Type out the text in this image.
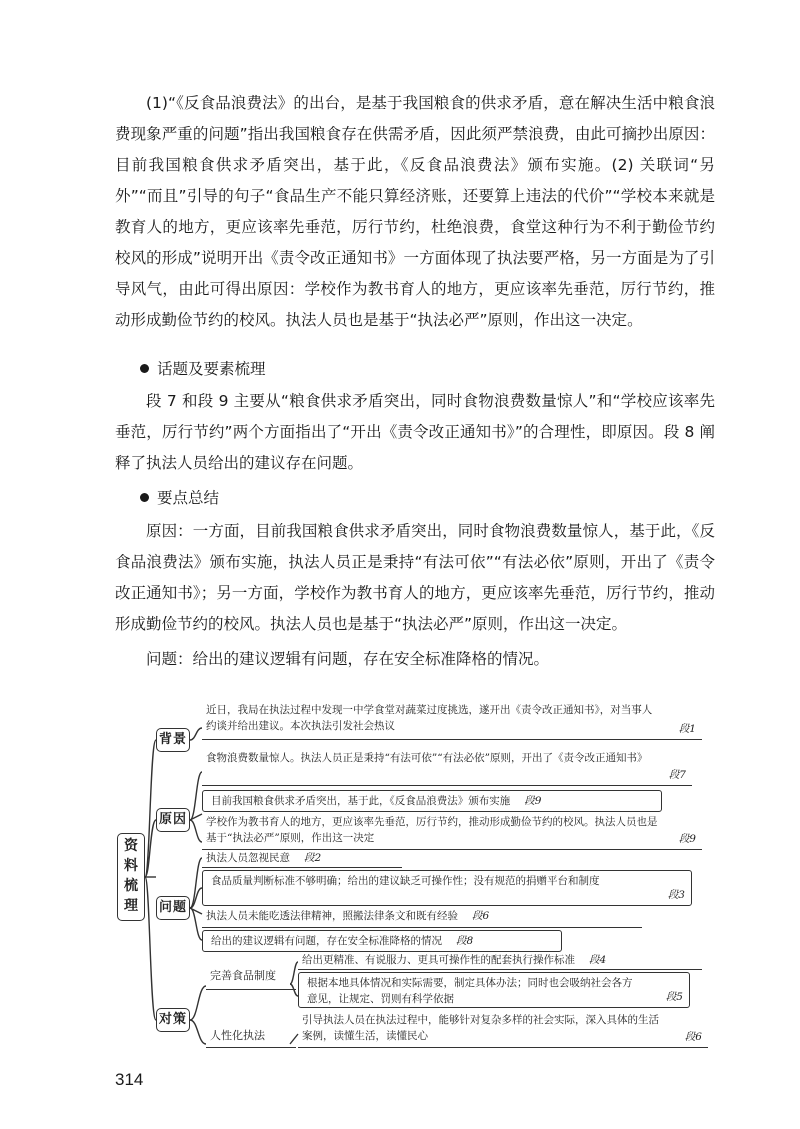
(1)“《反食品浪费法》的出台，是基于我国粮食的供求矛盾，意在解决生活中粮食浪费现象严重的问题”指出我国粮食存在供需矛盾，因此须严禁浪费，由此可摘抄出原因：目前我国粮食供求矛盾突出，基于此，《反食品浪费法》颁布实施。(2) 关联词“另外”“而且”引导的句子“食品生产不能只算经济账，还要算上违法的代价”“学校本来就是教育人的地方，更应该率先垂范，厉行节约，杜绝浪费，食堂这种行为不利于勤俭节约校风的形成”说明开出《责令改正通知书》一方面体现了执法要严格，另一方面是为了引导风气，由此可得出原因：学校作为教书育人的地方，更应该率先垂范，厉行节约，推动形成勤俭节约的校风。执法人员也是基于“执法必严”原则，作出这一决定。

话题及要素梳理

段 7 和段 9 主要从“粮食供求矛盾突出，同时食物浪费数量惊人”和“学校应该率先垂范，厉行节约”两个方面指出了“开出《责令改正通知书》”的合理性，即原因。段 8 阐释了执法人员给出的建议存在问题。

要点总结

原因：一方面，目前我国粮食供求矛盾突出，同时食物浪费数量惊人，基于此，《反食品浪费法》颁布实施，执法人员正是秉持“有法可依”“有法必依”原则，开出了《责令改正通知书》；另一方面，学校作为教书育人的地方，更应该率先垂范，厉行节约，推动形成勤俭节约的校风。执法人员也是基于“执法必严”原则，作出这一决定。

问题：给出的建议逻辑有问题，存在安全标准降格的情况。

资
料
梳
理
背景
原因
问题
对策
近日，我局在执法过程中发现一中学食堂对蔬菜过度挑选，遂开出《责令改正通知书》，对当事人约谈并给出建议。本次执法引发社会热议	段1
食物浪费数量惊人。执法人员正是秉持“有法可依”“有法必依”原则，开出了《责令改正通知书》
段7
目前我国粮食供求矛盾突出，基于此，《反食品浪费法》颁布实施 段9
学校作为教书育人的地方，更应该率先垂范，厉行节约，推动形成勤俭节约的校风。执法人员也是基于“执法必严”原则，作出这一决定	段9
执法人员忽视民意 段2
食品质量判断标准不够明确；给出的建议缺乏可操作性；没有规范的捐赠平台和制度
段3
执法人员未能吃透法律精神，照搬法律条文和既有经验 段6
给出的建议逻辑有问题，存在安全标准降格的情况 段8
完善食品制度
给出更精准、有说服力、更具可操作性的配套执行操作标准 段4
根据本地具体情况和实际需要，制定具体办法；同时也会吸纳社会各方意见，让规定、罚则有科学依据	段5
人性化执法
引导执法人员在执法过程中，能够针对复杂多样的社会实际，深入具体的生活案例，读懂生活，读懂民心	段6
314
